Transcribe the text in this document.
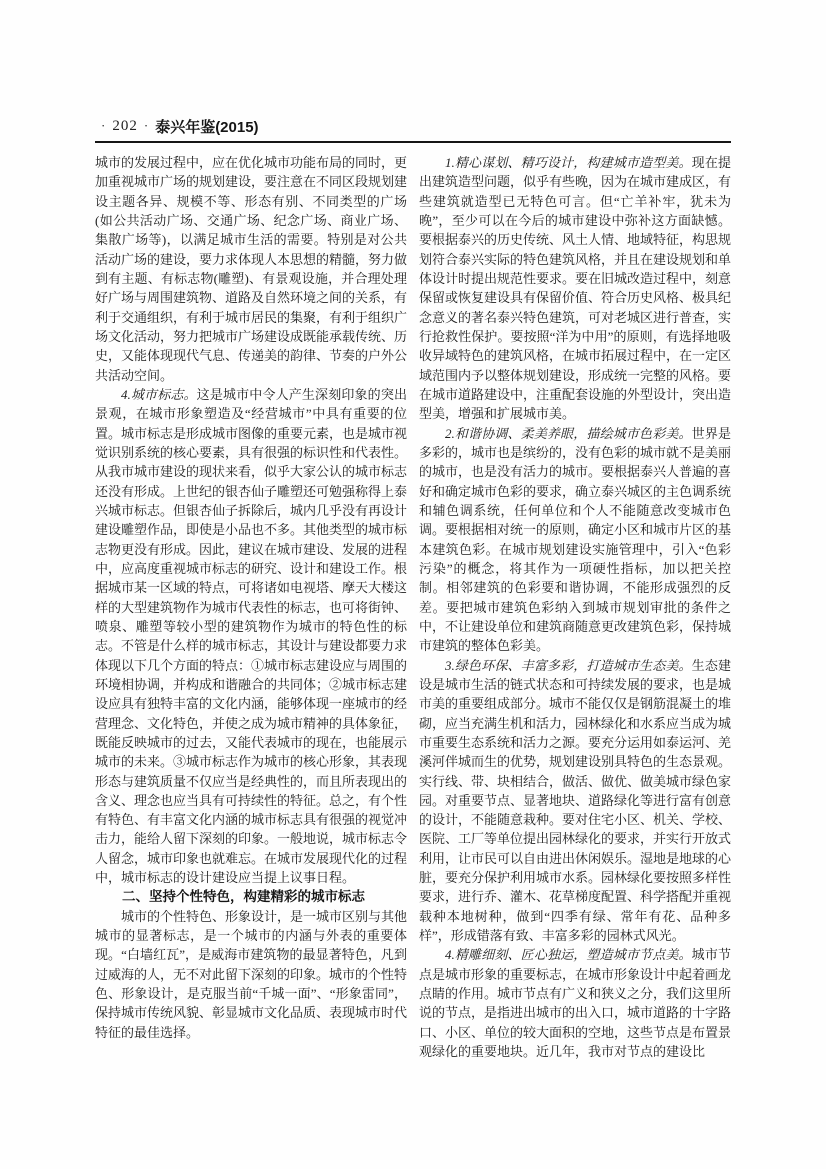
· 202 · 泰兴年鉴(2015)

城市的发展过程中，应在优化城市功能布局的同时，更加重视城市广场的规划建设，要注意在不同区段规划建设主题各异、规模不等、形态有别、不同类型的广场(如公共活动广场、交通广场、纪念广场、商业广场、集散广场等)，以满足城市生活的需要。特别是对公共活动广场的建设，要力求体现人本思想的精髓，努力做到有主题、有标志物(雕塑)、有景观设施，并合理处理好广场与周围建筑物、道路及自然环境之间的关系，有利于交通组织，有利于城市居民的集聚，有利于组织广场文化活动，努力把城市广场建设成既能承载传统、历史，又能体现现代气息、传递美的韵律、节奏的户外公共活动空间。

4.城市标志。这是城市中令人产生深刻印象的突出景观，在城市形象塑造及“经营城市”中具有重要的位置。城市标志是形成城市图像的重要元素，也是城市视觉识别系统的核心要素，具有很强的标识性和代表性。从我市城市建设的现状来看，似乎大家公认的城市标志还没有形成。上世纪的银杏仙子雕塑还可勉强称得上泰兴城市标志。但银杏仙子拆除后，城内几乎没有再设计建设雕塑作品，即使是小品也不多。其他类型的城市标志物更没有形成。因此，建议在城市建设、发展的进程中，应高度重视城市标志的研究、设计和建设工作。根据城市某一区域的特点，可将诸如电视塔、摩天大楼这样的大型建筑物作为城市代表性的标志，也可将街钟、喷泉、雕塑等较小型的建筑物作为城市的特色性的标志。不管是什么样的城市标志，其设计与建设都要力求体现以下几个方面的特点：①城市标志建设应与周围的环境相协调，并构成和谐融合的共同体；②城市标志建设应具有独特丰富的文化内涵，能够体现一座城市的经营理念、文化特色，并使之成为城市精神的具体象征，既能反映城市的过去，又能代表城市的现在，也能展示城市的未来。③城市标志作为城市的核心形象，其表现形态与建筑质量不仅应当是经典性的，而且所表现出的含义、理念也应当具有可持续性的特征。总之，有个性有特色、有丰富文化内涵的城市标志具有很强的视觉冲击力，能给人留下深刻的印象。一般地说，城市标志令人留念，城市印象也就难忘。在城市发展现代化的过程中，城市标志的设计建设应当提上议事日程。

二、坚持个性特色，构建精彩的城市标志

城市的个性特色、形象设计，是一城市区别与其他城市的显著标志，是一个城市的内涵与外表的重要体现。“白墙红瓦”，是威海市建筑物的最显著特色，凡到过威海的人，无不对此留下深刻的印象。城市的个性特色、形象设计，是克服当前“千城一面”、“形象雷同”，保持城市传统风貌、彰显城市文化品质、表现城市时代特征的最佳选择。

1.精心谋划、精巧设计，构建城市造型美。现在提出建筑造型问题，似乎有些晚，因为在城市建成区，有些建筑就造型已无特色可言。但“亡羊补牢，犹未为晚”，至少可以在今后的城市建设中弥补这方面缺憾。要根据泰兴的历史传统、风土人情、地域特征，构思规划符合泰兴实际的特色建筑风格，并且在建设规划和单体设计时提出规范性要求。要在旧城改造过程中，刻意保留或恢复建设具有保留价值、符合历史风格、极具纪念意义的著名泰兴特色建筑，可对老城区进行普查，实行抢救性保护。要按照“洋为中用”的原则，有选择地吸收异域特色的建筑风格，在城市拓展过程中，在一定区域范围内予以整体规划建设，形成统一完整的风格。要在城市道路建设中，注重配套设施的外型设计，突出造型美，增强和扩展城市美。

2.和谐协调、柔美养眼，描绘城市色彩美。世界是多彩的，城市也是缤纷的，没有色彩的城市就不是美丽的城市，也是没有活力的城市。要根据泰兴人普遍的喜好和确定城市色彩的要求，确立泰兴城区的主色调系统和辅色调系统，任何单位和个人不能随意改变城市色调。要根据相对统一的原则，确定小区和城市片区的基本建筑色彩。在城市规划建设实施管理中，引入“色彩污染”的概念，将其作为一项硬性指标，加以把关控制。相邻建筑的色彩要和谐协调，不能形成强烈的反差。要把城市建筑色彩纳入到城市规划审批的条件之中，不让建设单位和建筑商随意更改建筑色彩，保持城市建筑的整体色彩美。

3.绿色环保、丰富多彩，打造城市生态美。生态建设是城市生活的链式状态和可持续发展的要求，也是城市美的重要组成部分。城市不能仅仅是钢筋混凝土的堆砌，应当充满生机和活力，园林绿化和水系应当成为城市重要生态系统和活力之源。要充分运用如泰运河、羌溪河伴城而生的优势，规划建设别具特色的生态景观。实行线、带、块相结合，做活、做优、做美城市绿色家园。对重要节点、显著地块、道路绿化等进行富有创意的设计，不能随意栽种。要对住宅小区、机关、学校、医院、工厂等单位提出园林绿化的要求，并实行开放式利用，让市民可以自由进出休闲娱乐。湿地是地球的心脏，要充分保护利用城市水系。园林绿化要按照多样性要求，进行乔、灌木、花草梯度配置、科学搭配并重视载种本地树种，做到“四季有绿、常年有花、品种多样”，形成错落有致、丰富多彩的园林式风光。

4.精雕细刻、匠心独运，塑造城市节点美。城市节点是城市形象的重要标志，在城市形象设计中起着画龙点睛的作用。城市节点有广义和狭义之分，我们这里所说的节点，是指进出城市的出入口，城市道路的十字路口、小区、单位的较大面积的空地，这些节点是布置景观绿化的重要地块。近几年，我市对节点的建设比
